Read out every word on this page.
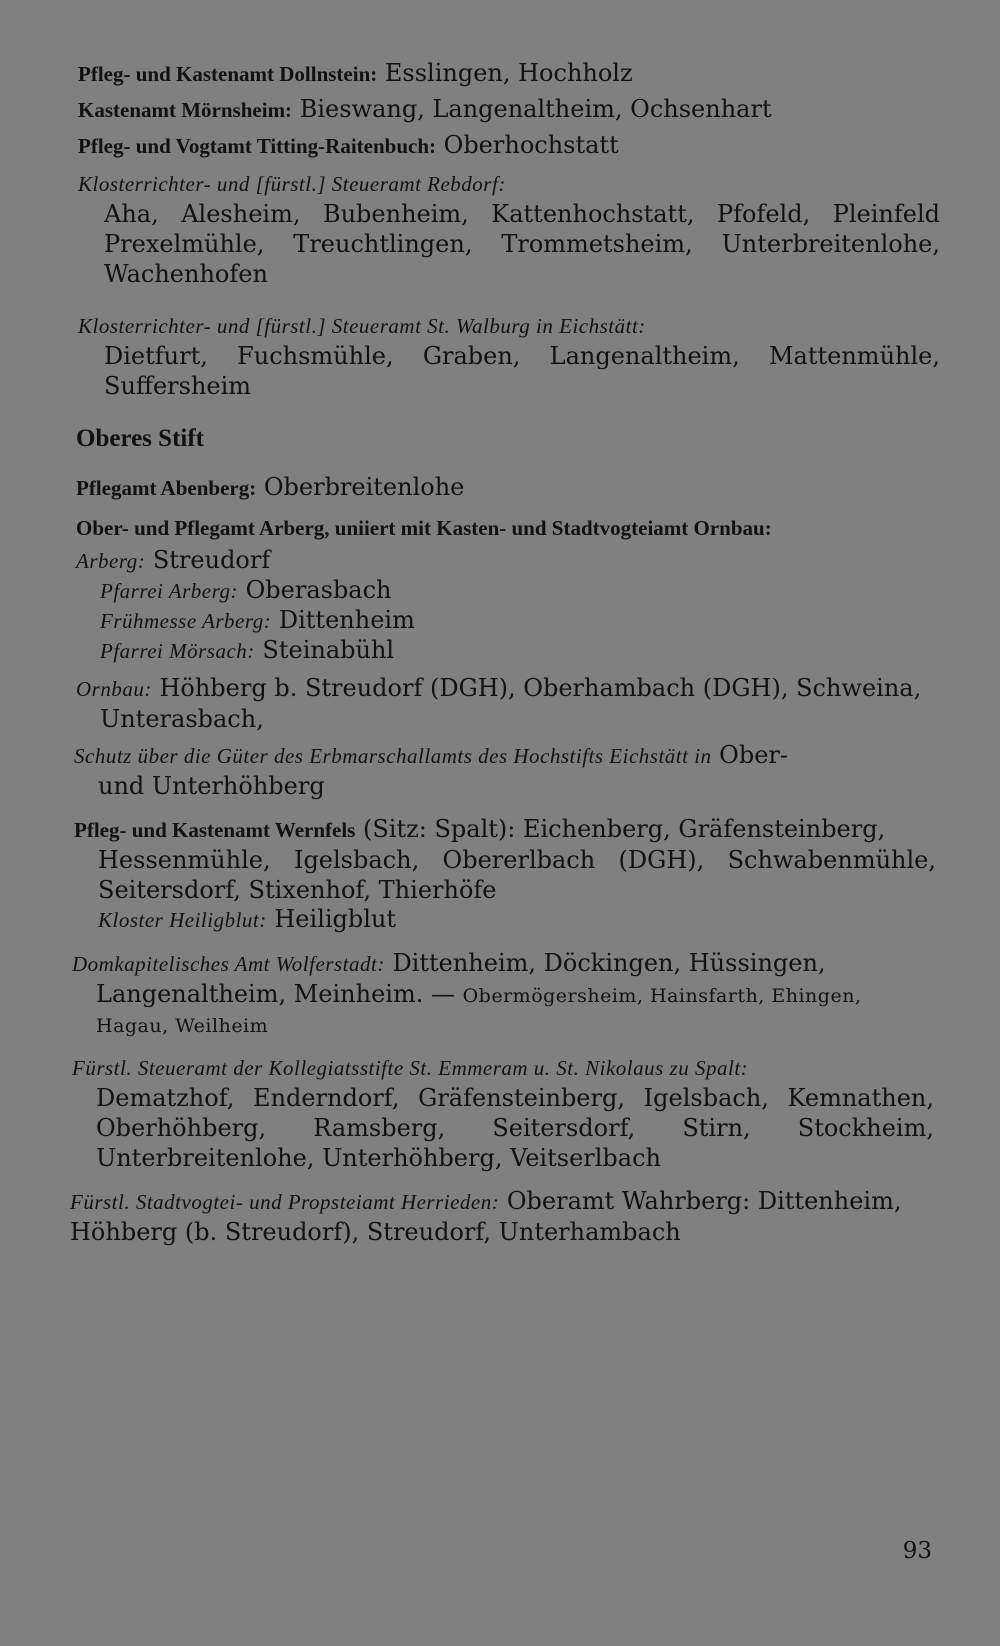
Pfleg- und Kastenamt Dollnstein: Esslingen, Hochholz

Kastenamt Mörnsheim: Bieswang, Langenaltheim, Ochsenhart

Pfleg- und Vogtamt Titting-Raitenbuch: Oberhochstatt

Klosterrichter- und [fürstl.] Steueramt Rebdorf:
Aha, Alesheim, Bubenheim, Kattenhochstatt, Pfofeld, Pleinfeld Prexelmühle, Treuchtlingen, Trommetsheim, Unterbreitenlohe, Wachenhofen

Klosterrichter- und [fürstl.] Steueramt St. Walburg in Eichstätt:
Dietfurt, Fuchsmühle, Graben, Langenaltheim, Mattenmühle, Suffersheim

Oberes Stift

Pflegamt Abenberg: Oberbreitenlohe

Ober- und Pflegamt Arberg, uniiert mit Kasten- und Stadtvogteiamt Ornbau:

Arberg: Streudorf

Pfarrei Arberg: Oberasbach

Frühmesse Arberg: Dittenheim

Pfarrei Mörsach: Steinabühl

Ornbau: Höhberg b. Streudorf (DGH), Oberhambach (DGH), Schweina,
Unterasbach,

Schutz über die Güter des Erbmarschallamts des Hochstifts Eichstätt in Ober-
und Unterhöhberg

Pfleg- und Kastenamt Wernfels (Sitz: Spalt): Eichenberg, Gräfensteinberg,
Hessenmühle, Igelsbach, Obererlbach (DGH), Schwabenmühle, Seitersdorf, Stixenhof, Thierhöfe

Kloster Heiligblut: Heiligblut

Domkapitelisches Amt Wolferstadt: Dittenheim, Döckingen, Hüssingen,
Langenaltheim, Meinheim. — Obermögersheim, Hainsfarth, Ehingen,
Hagau, Weilheim

Fürstl. Steueramt der Kollegiatsstifte St. Emmeram u. St. Nikolaus zu Spalt:
Dematzhof, Enderndorf, Gräfensteinberg, Igelsbach, Kemnathen, Oberhöhberg, Ramsberg, Seitersdorf, Stirn, Stockheim, Unterbreitenlohe, Unterhöhberg, Veitserlbach

Fürstl. Stadtvogtei- und Propsteiamt Herrieden: Oberamt Wahrberg: Dittenheim, Höhberg (b. Streudorf), Streudorf, Unterhambach

93
